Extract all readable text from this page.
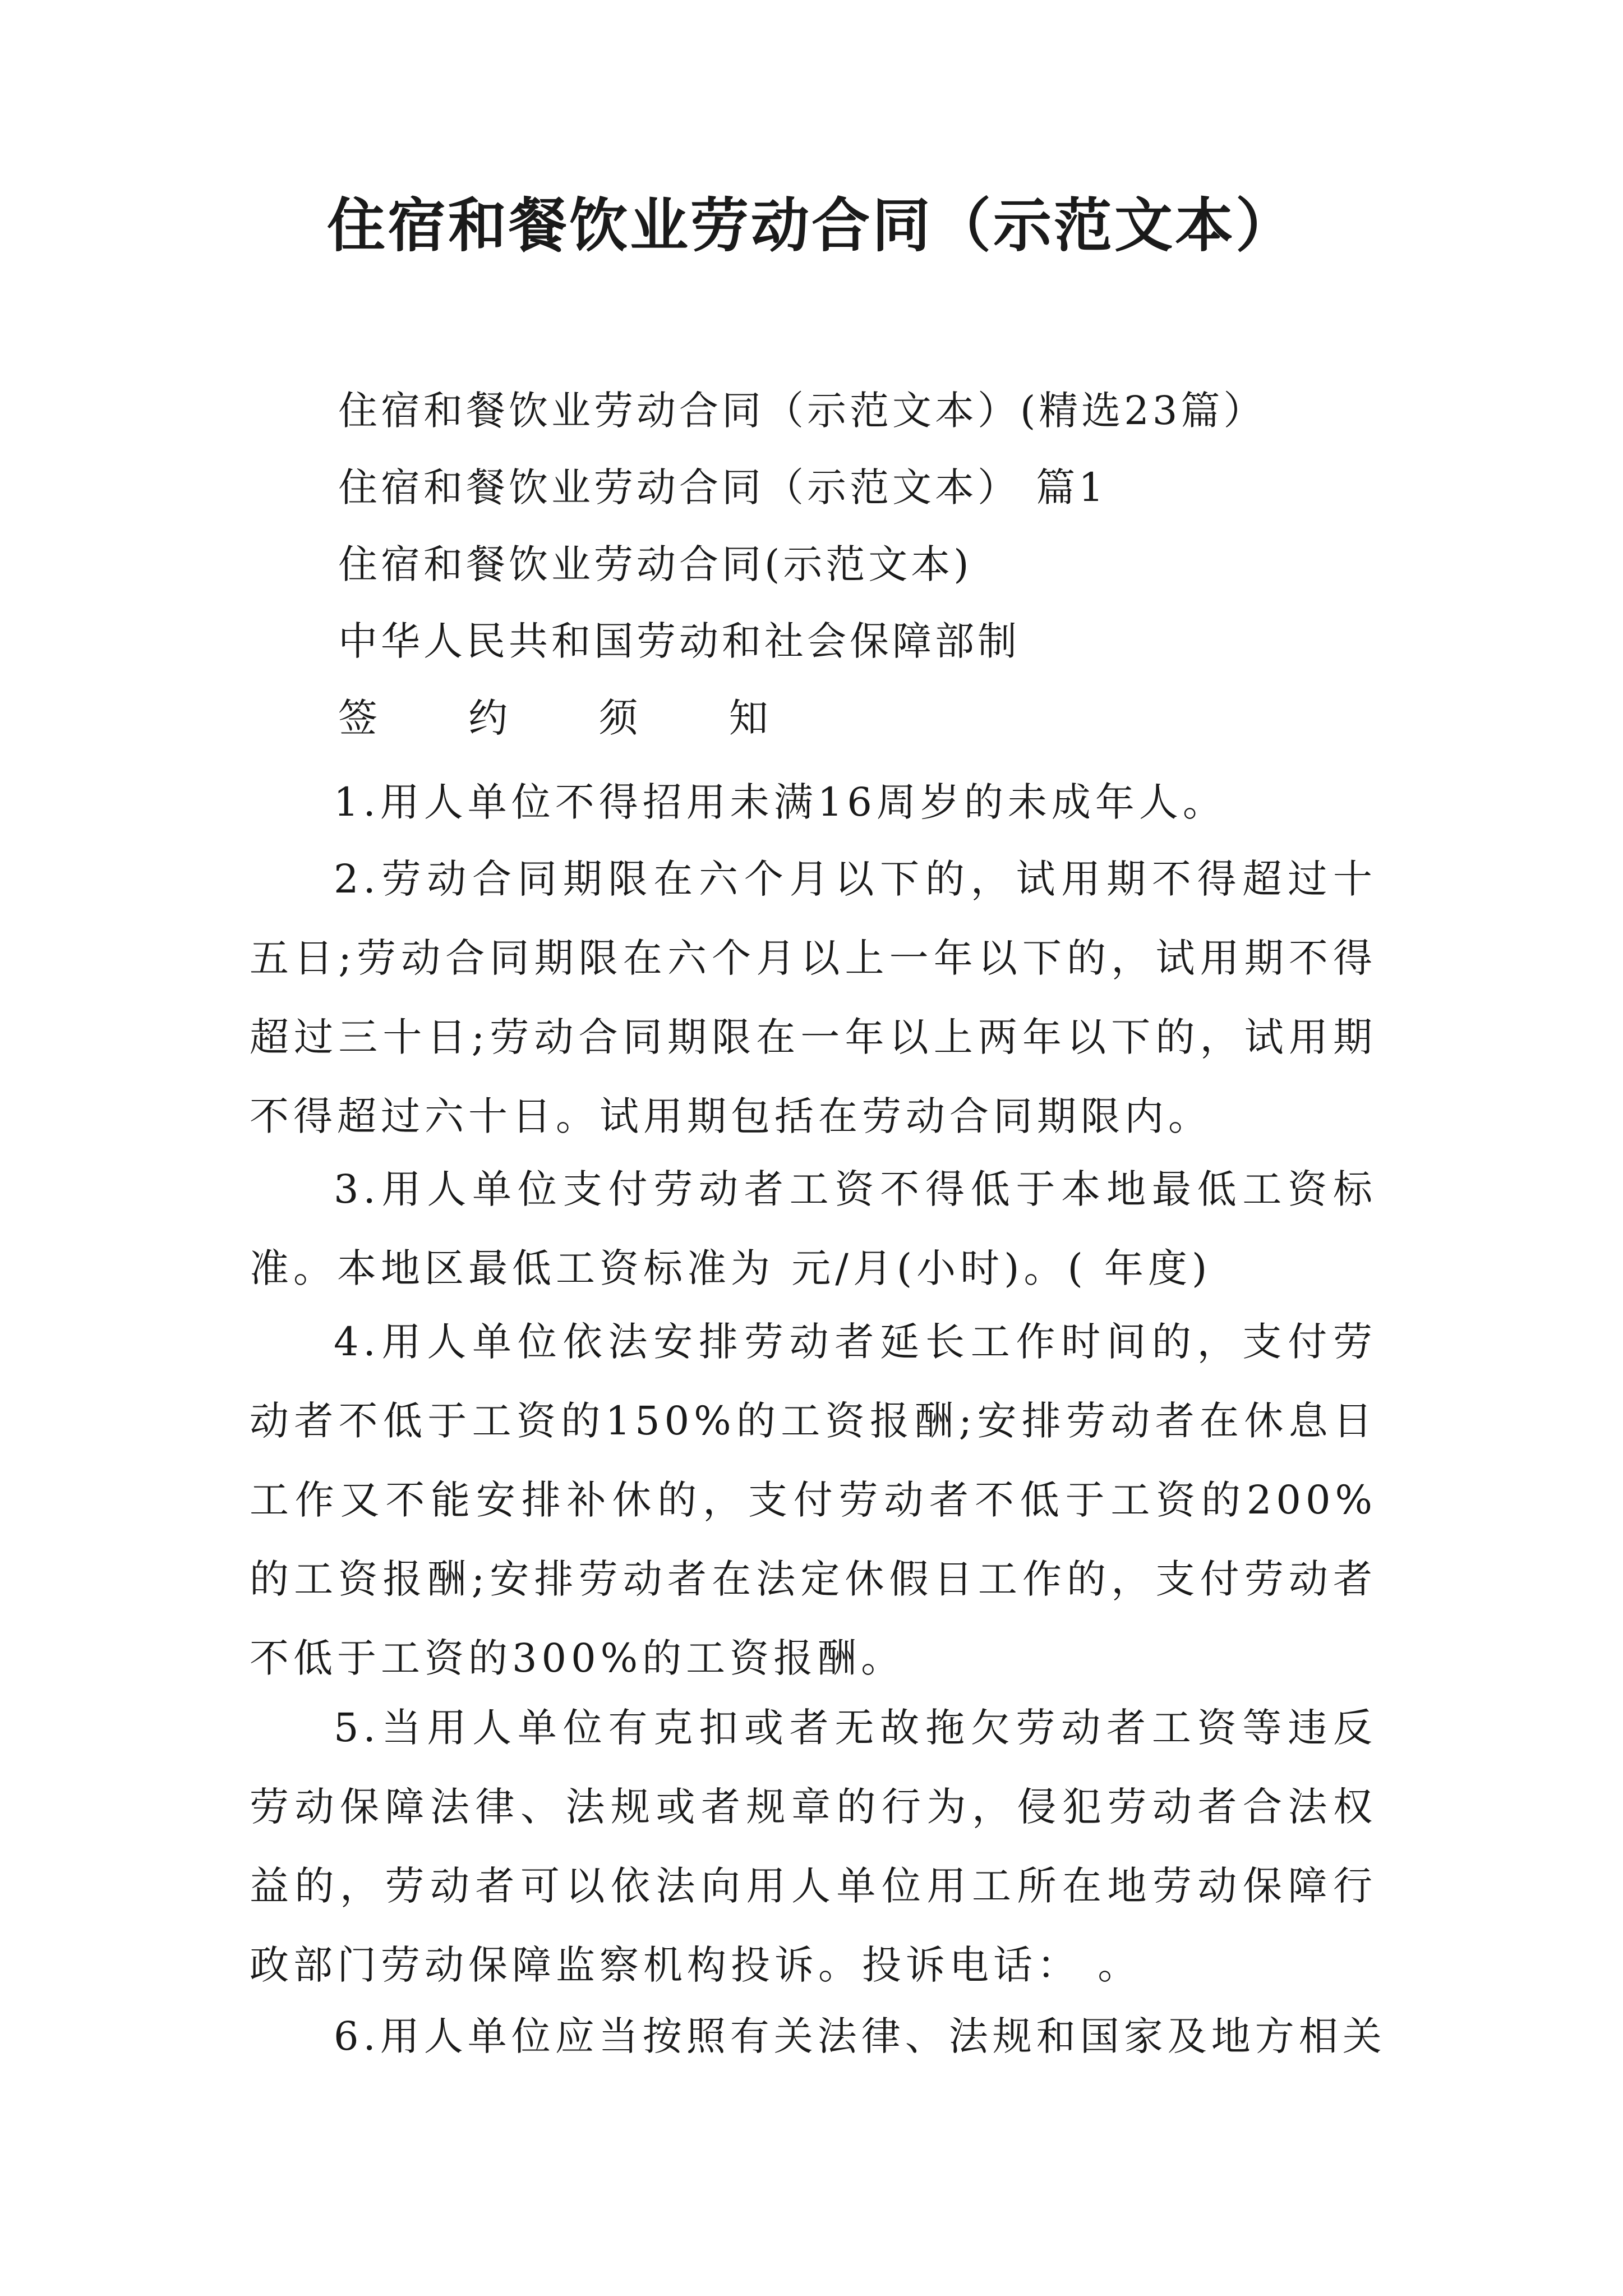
住宿和餐饮业劳动合同（示范文本）
住宿和餐饮业劳动合同（示范文本）(精选23篇）
住宿和餐饮业劳动合同（示范文本） 篇1
住宿和餐饮业劳动合同(示范文本)
中华人民共和国劳动和社会保障部制
签 约 须 知

1.用人单位不得招用未满16周岁的未成年人。

2.劳动合同期限在六个月以下的，试用期不得超过十五日;劳动合同期限在六个月以上一年以下的，试用期不得超过三十日;劳动合同期限在一年以上两年以下的，试用期不得超过六十日。试用期包括在劳动合同期限内。

3.用人单位支付劳动者工资不得低于本地最低工资标准。本地区最低工资标准为 元/月(小时)。( 年度)

4.用人单位依法安排劳动者延长工作时间的，支付劳动者不低于工资的150%的工资报酬;安排劳动者在休息日工作又不能安排补休的，支付劳动者不低于工资的200%的工资报酬;安排劳动者在法定休假日工作的，支付劳动者不低于工资的300%的工资报酬。

5.当用人单位有克扣或者无故拖欠劳动者工资等违反劳动保障法律、法规或者规章的行为，侵犯劳动者合法权益的，劳动者可以依法向用人单位用工所在地劳动保障行政部门劳动保障监察机构投诉。投诉电话： 。

6.用人单位应当按照有关法律、法规和国家及地方相关
